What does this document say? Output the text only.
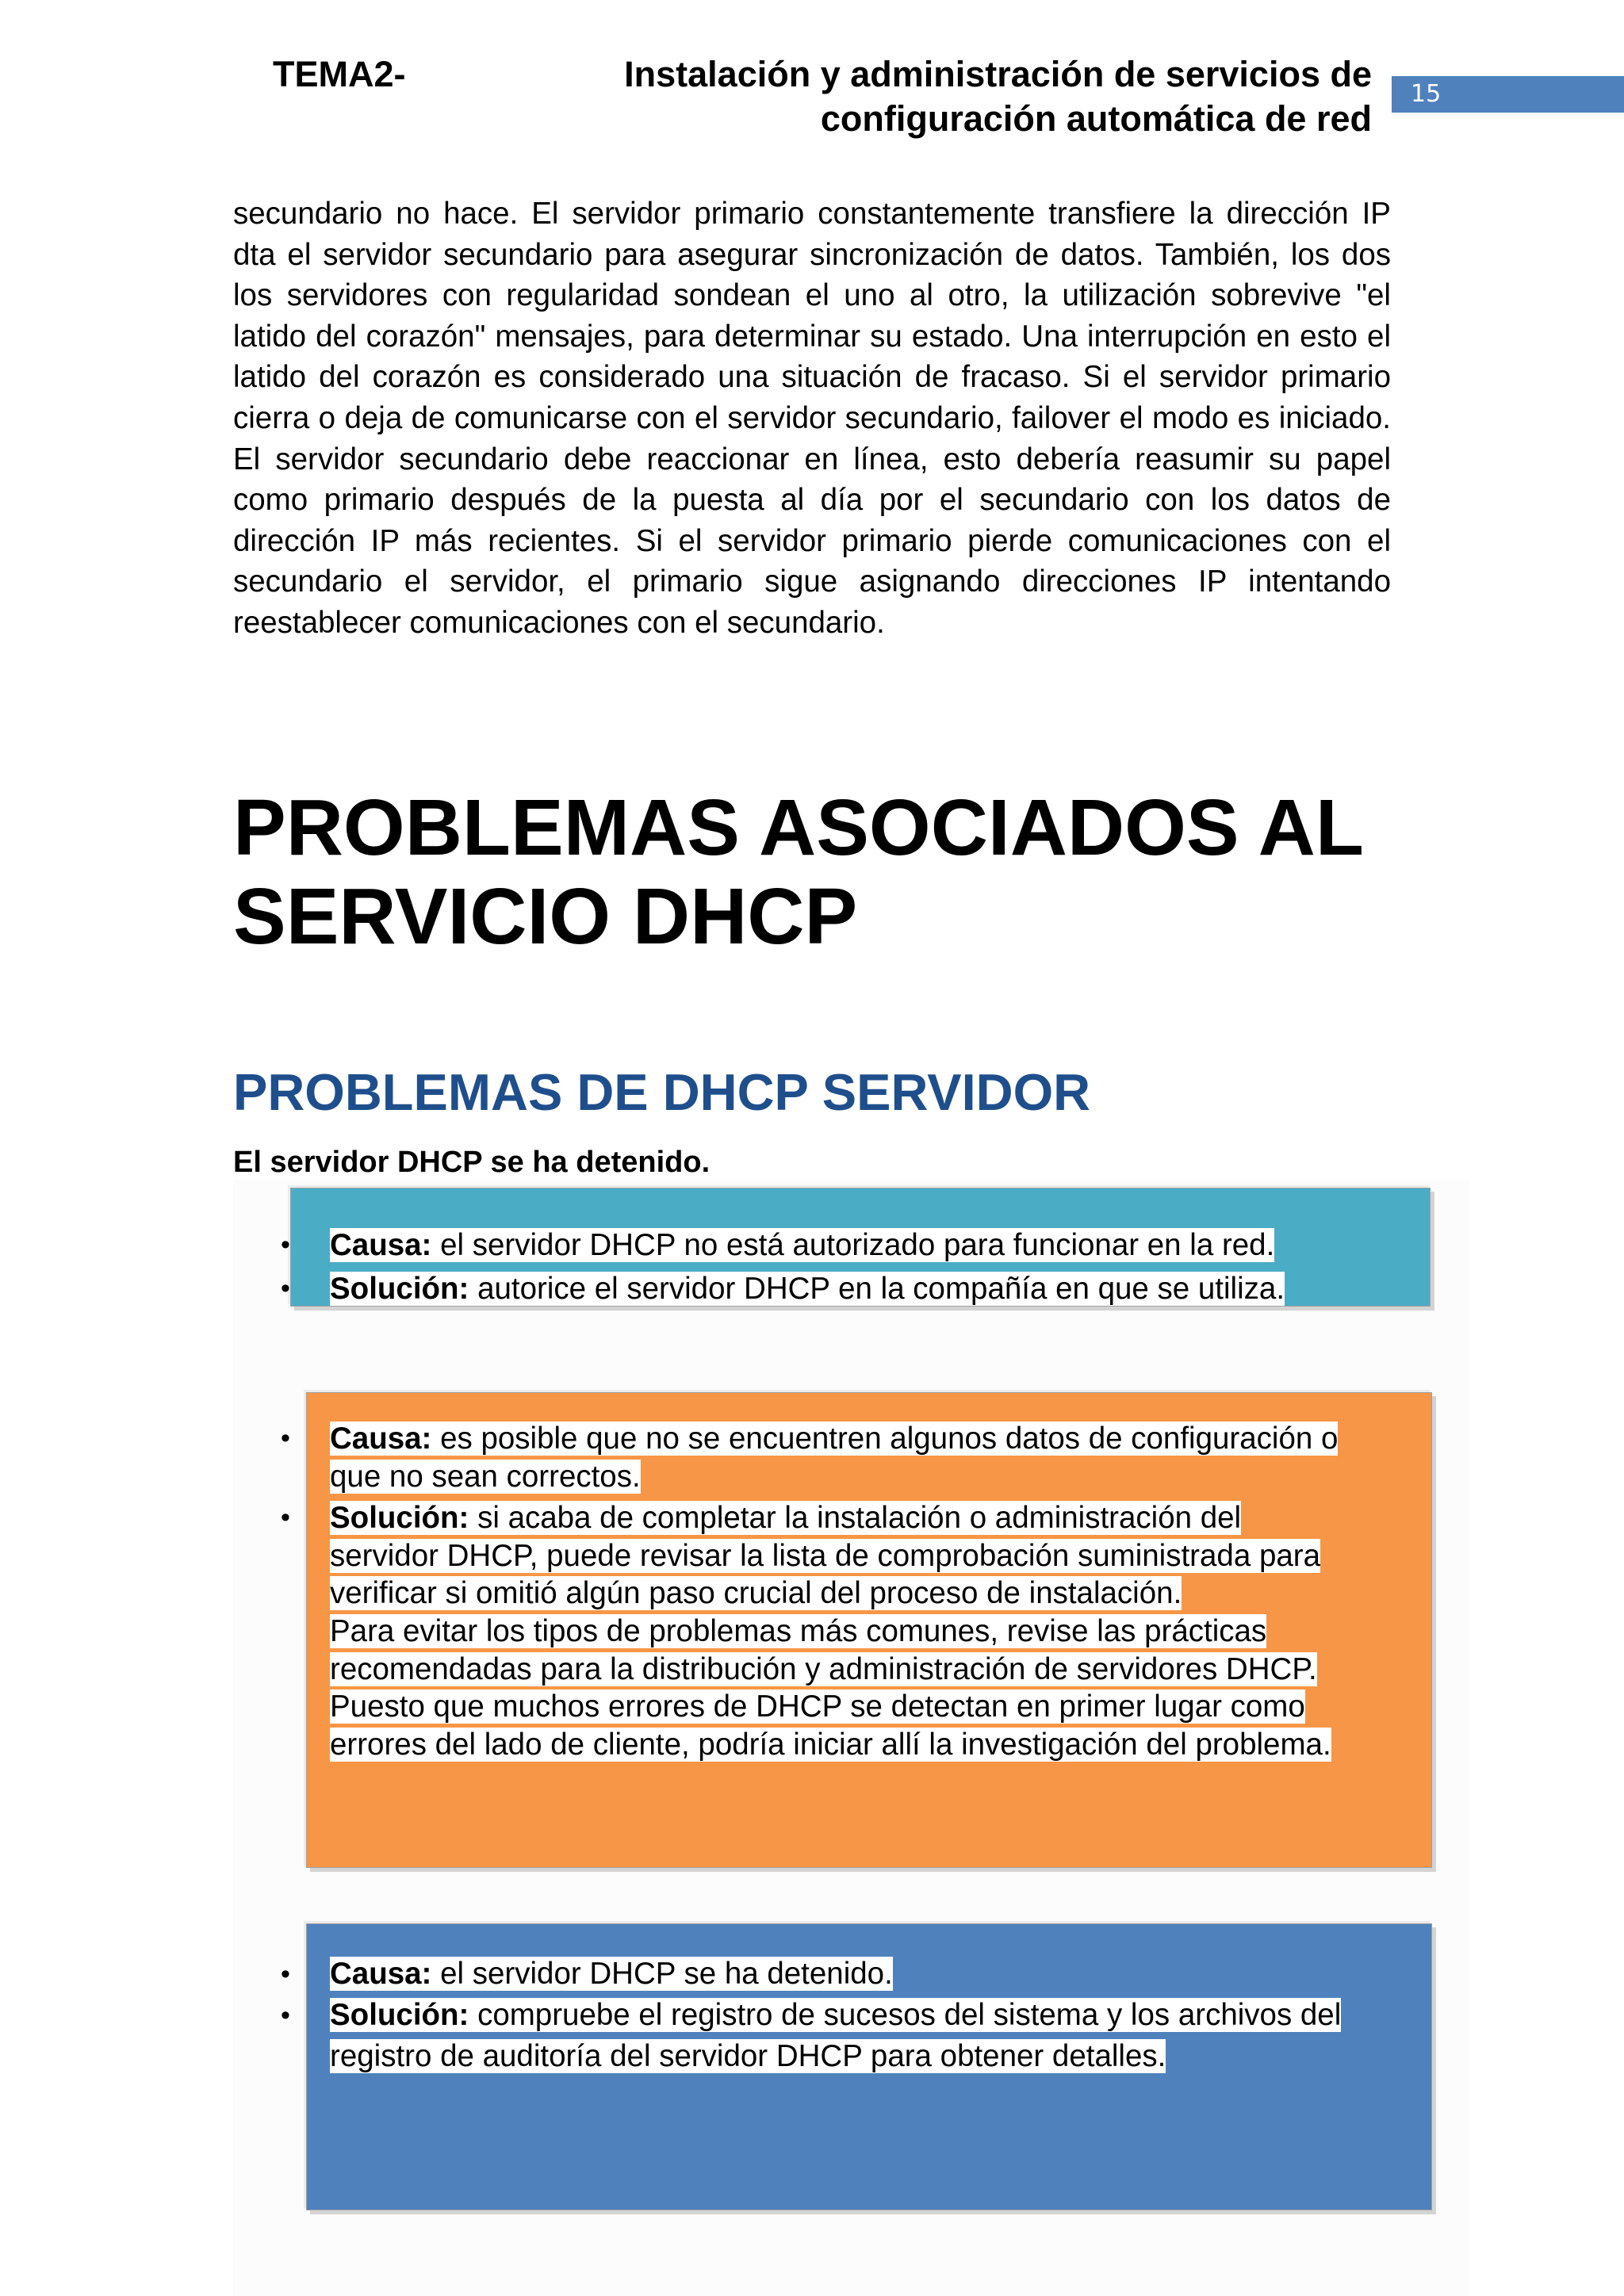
TEMA2-	Instalación y administración de servicios de
configuración automática de red
15

secundario no hace. El servidor primario constantemente transfiere la dirección IP dta el servidor secundario para asegurar sincronización de datos. También, los dos los servidores con regularidad sondean el uno al otro, la utilización sobrevive "el latido del corazón" mensajes, para determinar su estado. Una interrupción en esto el latido del corazón es considerado una situación de fracaso. Si el servidor primario cierra o deja de comunicarse con el servidor secundario, failover el modo es iniciado. El servidor secundario debe reaccionar en línea, esto debería reasumir su papel como primario después de la puesta al día por el secundario con los datos de dirección IP más recientes. Si el servidor primario pierde comunicaciones con el secundario el servidor, el primario sigue asignando direcciones IP intentando reestablecer comunicaciones con el secundario.

PROBLEMAS ASOCIADOS AL SERVICIO DHCP
PROBLEMAS DE DHCP SERVIDOR

El servidor DHCP se ha detenido.

• Causa: el servidor DHCP no está autorizado para funcionar en la red.
• Solución: autorice el servidor DHCP en la compañía en que se utiliza.
• Causa: es posible que no se encuentren algunos datos de configuración o que no sean correctos.
• Solución: si acaba de completar la instalación o administración del servidor DHCP, puede revisar la lista de comprobación suministrada para verificar si omitió algún paso crucial del proceso de instalación.
Para evitar los tipos de problemas más comunes, revise las prácticas recomendadas para la distribución y administración de servidores DHCP.
Puesto que muchos errores de DHCP se detectan en primer lugar como errores del lado de cliente, podría iniciar allí la investigación del problema.
• Causa: el servidor DHCP se ha detenido.
• Solución: compruebe el registro de sucesos del sistema y los archivos del registro de auditoría del servidor DHCP para obtener detalles.
